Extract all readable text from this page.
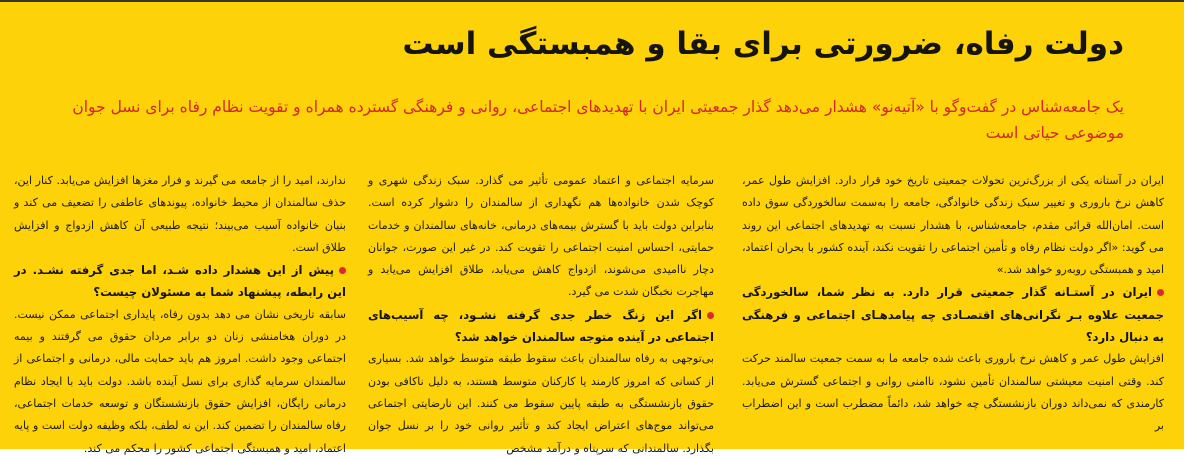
دولت رفاه، ضرورتی برای بقا و همبستگی است

یک جامعه‌شناس در گفت‌وگو با «آتیه‌نو» هشدار می‌دهد گذار جمعیتی ایران با تهدیدهای اجتماعی، روانی و فرهنگی گسترده همراه و تقویت نظام رفاه برای نسل جوان موضوعی حیاتی است

ایران در آستانه یکی از بزرگ‌ترین تحولات جمعیتی تاریخ خود قرار دارد. افزایش طول عمر، کاهش نرخ باروری و تغییر سبک زندگی خانوادگی، جامعه را به‌سمت سالخوردگی سوق داده است. امان‌الله قرائی مقدم، جامعه‌شناس، با هشدار نسبت به تهدیدهای اجتماعی این روند می گوید: «اگر دولت نظام رفاه و تأمین اجتماعی را تقویت نکند، آینده کشور با بحران اعتماد، امید و همبستگی روبه‌رو خواهد شد.»
ایران در آستـانه گذار جمعیتی قرار دارد. به نظر شما، سالخوردگی جمعیت علاوه بـر نگرانی‌های اقتصـادی چه پیامدهـای اجتماعی و فرهنگی به دنبال دارد؟
افزایش طول عمر و کاهش نرخ باروری باعث شده جامعه ما به سمت جمعیت سالمند حرکت کند. وقتی امنیت معیشتی سالمندان تأمین نشود، ناامنی روانی و اجتماعی گسترش می‌یابد. کارمندی که نمی‌داند دوران بازنشستگی چه خواهد شد، دائماً مضطرب است و این اضطراب بر
سرمایه اجتماعی و اعتماد عمومی تأثیر می گذارد. سبک زندگی شهری و کوچک شدن خانواده‌ها هم نگهداری از سالمندان را دشوار کرده است. بنابراین دولت باید با گسترش بیمه‌های درمانی، خانه‌های سالمندان و خدمات حمایتی، احساس امنیت اجتماعی را تقویت کند. در غیر این صورت، جوانان دچار ناامیدی می‌شوند، ازدواج کاهش می‌یابد، طلاق افزایش می‌یابد و مهاجرت نخبگان شدت می گیرد.
اگر این زنگ خطر جدی گرفته نشـود، چه آسیب‌های اجتماعی در آینده متوجه سالمندان خواهد شد؟
بی‌توجهی به رفاه سالمندان باعث سقوط طبقه متوسط خواهد شد. بسیاری از کسانی که امروز کارمند یا کارکنان متوسط هستند، به دلیل ناکافی بودن حقوق بازنشستگی به طبقه پایین سقوط می کنند. این نارضایتی اجتماعی می‌تواند موج‌های اعتراض ایجاد کند و تأثیر روانی خود را بر نسل جوان بگذارد. سالمندانی که سرپناه و درآمد مشخص
ندارند، امید را از جامعه می گیرند و فرار مغزها افزایش می‌یابد. کنار این، حذف سالمندان از محیط خانواده، پیوندهای عاطفی را تضعیف می کند و بنیان خانواده آسیب می‌بیند؛ نتیجه طبیعی آن کاهش ازدواج و افزایش طلاق است.
پیش از این هشدار داده شـد، اما جدی گرفته نشـد. در این رابطه، پیشنهاد شما به مسئولان چیست؟
سابقه تاریخی نشان می دهد بدون رفاه، پایداری اجتماعی ممکن نیست. در دوران هخامنشی زنان دو برابر مردان حقوق می گرفتند و بیمه اجتماعی وجود داشت. امروز هم باید حمایت مالی، درمانی و اجتماعی از سالمندان سرمایه گذاری برای نسل آینده باشد. دولت باید با ایجاد نظام درمانی رایگان، افزایش حقوق بازنشستگان و توسعه خدمات اجتماعی، رفاه سالمندان را تضمین کند. این نه لطف، بلکه وظیفه دولت است و پایه اعتماد، امید و همبستگی اجتماعی کشور را محکم می کند.
